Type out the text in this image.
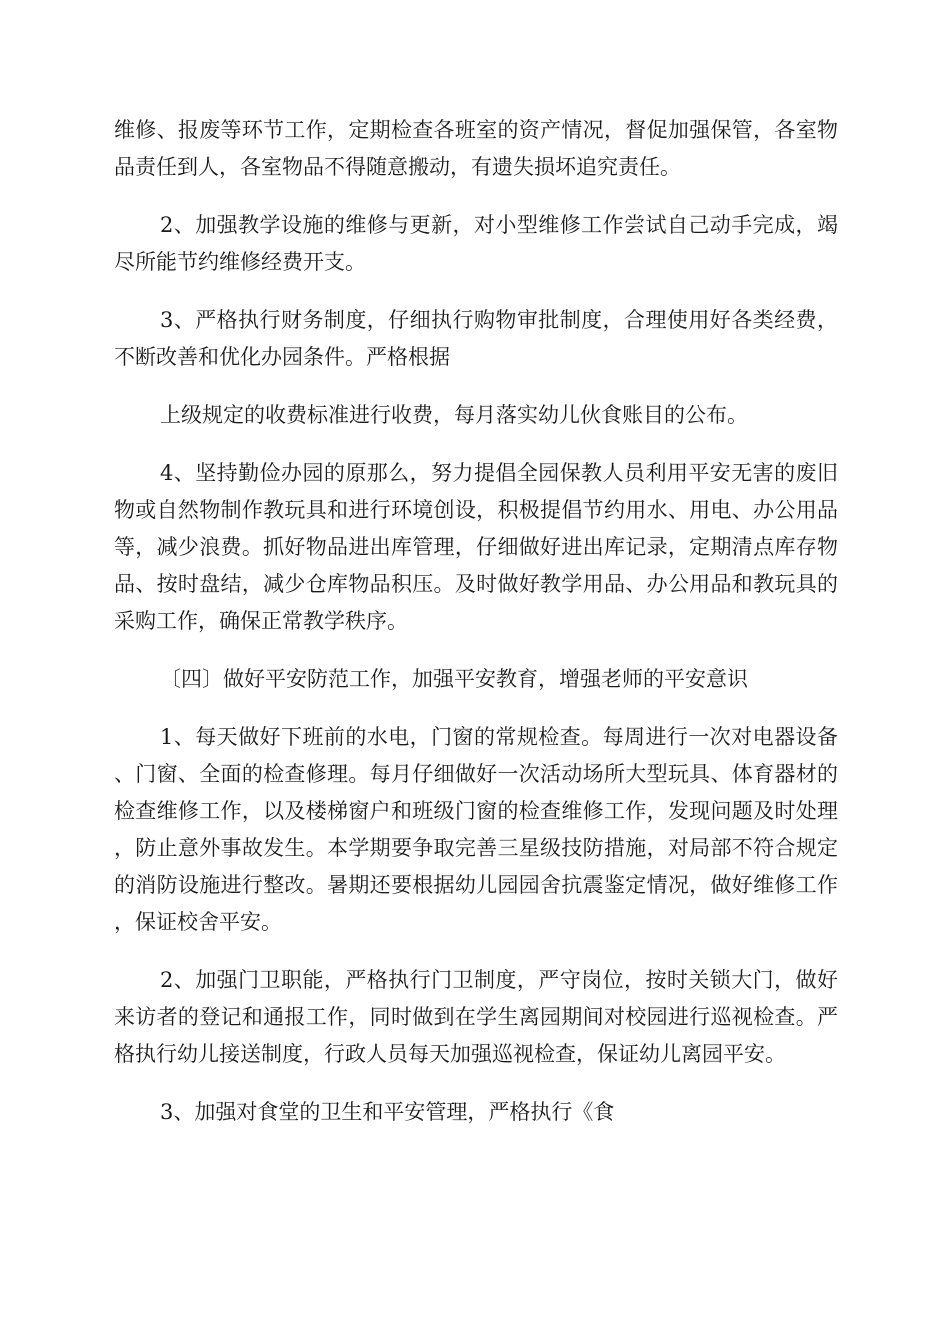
维修、报废等环节工作，定期检查各班室的资产情况，督促加强保管，各室物品责任到人，各室物品不得随意搬动，有遗失损坏追究责任。

2、加强教学设施的维修与更新，对小型维修工作尝试自己动手完成，竭尽所能节约维修经费开支。

3、严格执行财务制度，仔细执行购物审批制度，合理使用好各类经费，不断改善和优化办园条件。严格根据

上级规定的收费标准进行收费，每月落实幼儿伙食账目的公布。

4、坚持勤俭办园的原那么，努力提倡全园保教人员利用平安无害的废旧物或自然物制作教玩具和进行环境创设，积极提倡节约用水、用电、办公用品等，减少浪费。抓好物品进出库管理，仔细做好进出库记录，定期清点库存物品、按时盘结，减少仓库物品积压。及时做好教学用品、办公用品和教玩具的采购工作，确保正常教学秩序。

〔四〕做好平安防范工作，加强平安教育，增强老师的平安意识

1、每天做好下班前的水电，门窗的常规检查。每周进行一次对电器设备、门窗、全面的检查修理。每月仔细做好一次活动场所大型玩具、体育器材的检查维修工作，以及楼梯窗户和班级门窗的检查维修工作，发现问题及时处理，防止意外事故发生。本学期要争取完善三星级技防措施，对局部不符合规定的消防设施进行整改。暑期还要根据幼儿园园舍抗震鉴定情况，做好维修工作，保证校舍平安。

2、加强门卫职能，严格执行门卫制度，严守岗位，按时关锁大门，做好来访者的登记和通报工作，同时做到在学生离园期间对校园进行巡视检查。严格执行幼儿接送制度，行政人员每天加强巡视检查，保证幼儿离园平安。

3、加强对食堂的卫生和平安管理，严格执行《食
